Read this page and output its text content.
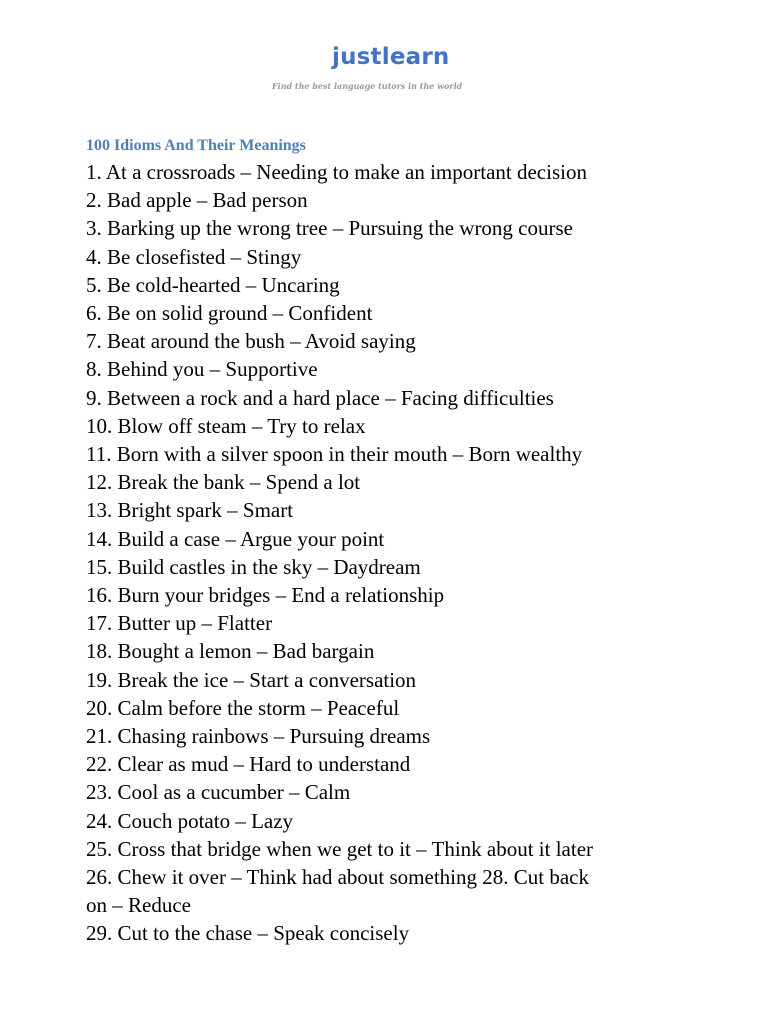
justlearn
Find the best language tutors in the world
100 Idioms And Their Meanings
1. At a crossroads – Needing to make an important decision
2. Bad apple – Bad person
3. Barking up the wrong tree – Pursuing the wrong course
4. Be closefisted – Stingy
5. Be cold-hearted – Uncaring
6. Be on solid ground – Confident
7. Beat around the bush – Avoid saying
8. Behind you – Supportive
9. Between a rock and a hard place – Facing difficulties
10. Blow off steam – Try to relax
11. Born with a silver spoon in their mouth – Born wealthy
12. Break the bank – Spend a lot
13. Bright spark – Smart
14. Build a case – Argue your point
15. Build castles in the sky – Daydream
16. Burn your bridges – End a relationship
17. Butter up – Flatter
18. Bought a lemon – Bad bargain
19. Break the ice – Start a conversation
20. Calm before the storm – Peaceful
21. Chasing rainbows – Pursuing dreams
22. Clear as mud – Hard to understand
23. Cool as a cucumber – Calm
24. Couch potato – Lazy
25. Cross that bridge when we get to it – Think about it later
26. Chew it over – Think had about something 28. Cut back
on – Reduce
29. Cut to the chase – Speak concisely
